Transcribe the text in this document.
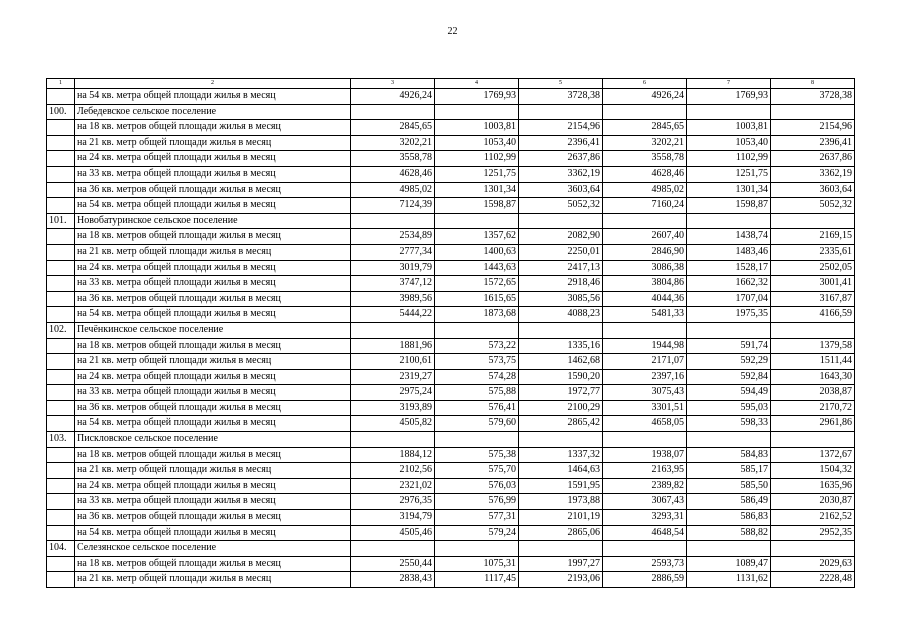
22
1	2	3	4	5	6	7	8
	на 54 кв. метра общей площади жилья в месяц	4926,24	1769,93	3728,38	4926,24	1769,93	3728,38
100.	Лебедевское сельское поселение						
	на 18 кв. метров общей площади жилья в месяц	2845,65	1003,81	2154,96	2845,65	1003,81	2154,96
	на 21 кв. метр общей площади жилья в месяц	3202,21	1053,40	2396,41	3202,21	1053,40	2396,41
	на 24 кв. метра общей площади жилья в месяц	3558,78	1102,99	2637,86	3558,78	1102,99	2637,86
	на 33 кв. метра общей площади жилья в месяц	4628,46	1251,75	3362,19	4628,46	1251,75	3362,19
	на 36 кв. метров общей площади жилья в месяц	4985,02	1301,34	3603,64	4985,02	1301,34	3603,64
	на 54 кв. метра общей площади жилья в месяц	7124,39	1598,87	5052,32	7160,24	1598,87	5052,32
101.	Новобатуринское сельское поселение						
	на 18 кв. метров общей площади жилья в месяц	2534,89	1357,62	2082,90	2607,40	1438,74	2169,15
	на 21 кв. метр общей площади жилья в месяц	2777,34	1400,63	2250,01	2846,90	1483,46	2335,61
	на 24 кв. метра общей площади жилья в месяц	3019,79	1443,63	2417,13	3086,38	1528,17	2502,05
	на 33 кв. метра общей площади жилья в месяц	3747,12	1572,65	2918,46	3804,86	1662,32	3001,41
	на 36 кв. метров общей площади жилья в месяц	3989,56	1615,65	3085,56	4044,36	1707,04	3167,87
	на 54 кв. метра общей площади жилья в месяц	5444,22	1873,68	4088,23	5481,33	1975,35	4166,59
102.	Печёнкинское сельское поселение						
	на 18 кв. метров общей площади жилья в месяц	1881,96	573,22	1335,16	1944,98	591,74	1379,58
	на 21 кв. метр общей площади жилья в месяц	2100,61	573,75	1462,68	2171,07	592,29	1511,44
	на 24 кв. метра общей площади жилья в месяц	2319,27	574,28	1590,20	2397,16	592,84	1643,30
	на 33 кв. метра общей площади жилья в месяц	2975,24	575,88	1972,77	3075,43	594,49	2038,87
	на 36 кв. метров общей площади жилья в месяц	3193,89	576,41	2100,29	3301,51	595,03	2170,72
	на 54 кв. метра общей площади жилья в месяц	4505,82	579,60	2865,42	4658,05	598,33	2961,86
103.	Пискловское сельское поселение						
	на 18 кв. метров общей площади жилья в месяц	1884,12	575,38	1337,32	1938,07	584,83	1372,67
	на 21 кв. метр общей площади жилья в месяц	2102,56	575,70	1464,63	2163,95	585,17	1504,32
	на 24 кв. метра общей площади жилья в месяц	2321,02	576,03	1591,95	2389,82	585,50	1635,96
	на 33 кв. метра общей площади жилья в месяц	2976,35	576,99	1973,88	3067,43	586,49	2030,87
	на 36 кв. метров общей площади жилья в месяц	3194,79	577,31	2101,19	3293,31	586,83	2162,52
	на 54 кв. метра общей площади жилья в месяц	4505,46	579,24	2865,06	4648,54	588,82	2952,35
104.	Селезянское сельское поселение						
	на 18 кв. метров общей площади жилья в месяц	2550,44	1075,31	1997,27	2593,73	1089,47	2029,63
	на 21 кв. метр общей площади жилья в месяц	2838,43	1117,45	2193,06	2886,59	1131,62	2228,48
